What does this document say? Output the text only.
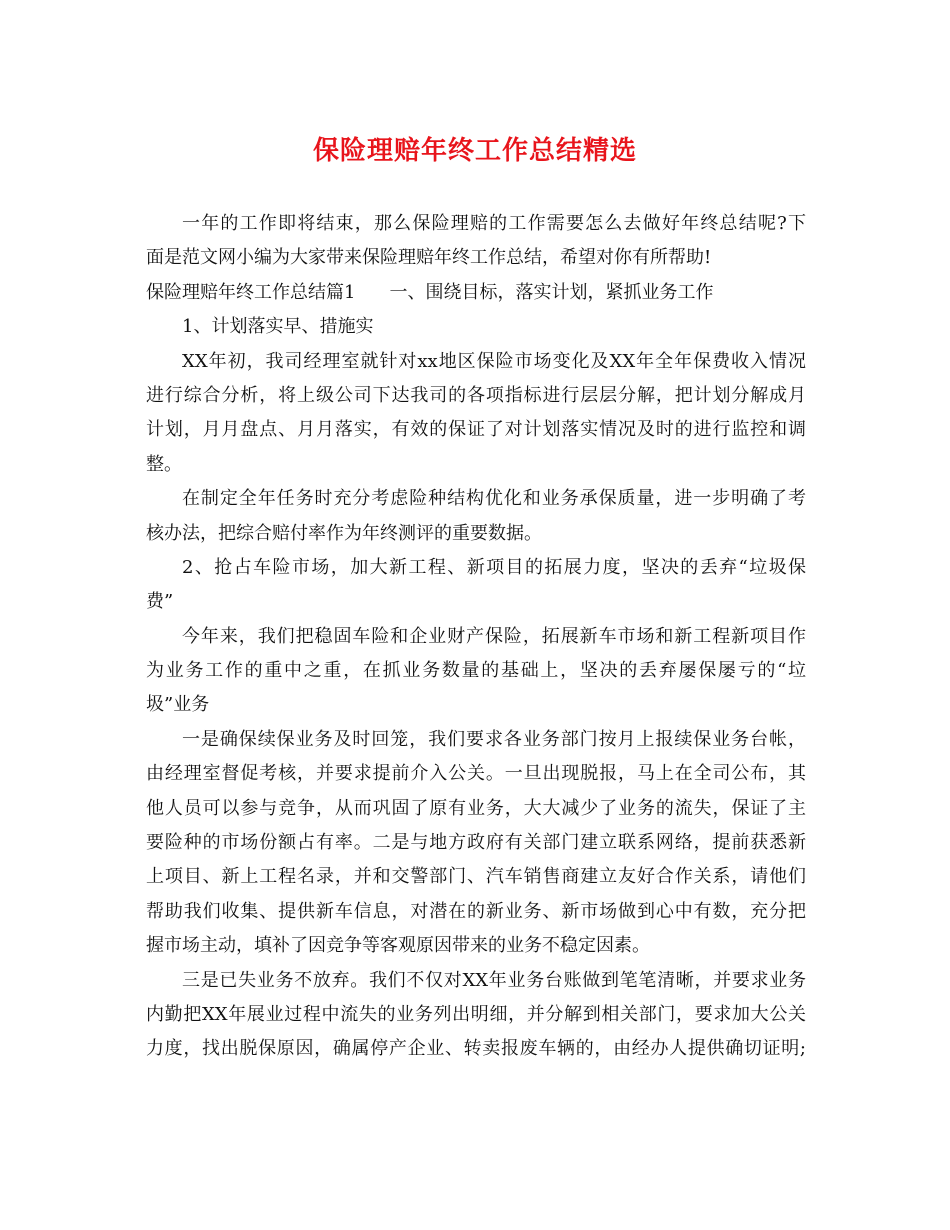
保险理赔年终工作总结精选
一年的工作即将结束，那么保险理赔的工作需要怎么去做好年终总结呢?下
面是范文网小编为大家带来保险理赔年终工作总结，希望对你有所帮助!
保险理赔年终工作总结篇1 一、围绕目标，落实计划，紧抓业务工作
1、计划落实早、措施实
XX年初，我司经理室就针对xx地区保险市场变化及XX年全年保费收入情况
进行综合分析，将上级公司下达我司的各项指标进行层层分解，把计划分解成月
计划，月月盘点、月月落实，有效的保证了对计划落实情况及时的进行监控和调
整。
在制定全年任务时充分考虑险种结构优化和业务承保质量，进一步明确了考
核办法，把综合赔付率作为年终测评的重要数据。
2、抢占车险市场，加大新工程、新项目的拓展力度，坚决的丢弃“垃圾保
费”
今年来，我们把稳固车险和企业财产保险，拓展新车市场和新工程新项目作
为业务工作的重中之重，在抓业务数量的基础上，坚决的丢弃屡保屡亏的“垃
圾”业务
一是确保续保业务及时回笼，我们要求各业务部门按月上报续保业务台帐，
由经理室督促考核，并要求提前介入公关。一旦出现脱报，马上在全司公布，其
他人员可以参与竞争，从而巩固了原有业务，大大减少了业务的流失，保证了主
要险种的市场份额占有率。二是与地方政府有关部门建立联系网络，提前获悉新
上项目、新上工程名录，并和交警部门、汽车销售商建立友好合作关系，请他们
帮助我们收集、提供新车信息，对潜在的新业务、新市场做到心中有数，充分把
握市场主动，填补了因竞争等客观原因带来的业务不稳定因素。
三是已失业务不放弃。我们不仅对XX年业务台账做到笔笔清晰，并要求业务
内勤把XX年展业过程中流失的业务列出明细，并分解到相关部门，要求加大公关
力度，找出脱保原因，确属停产企业、转卖报废车辆的，由经办人提供确切证明;
